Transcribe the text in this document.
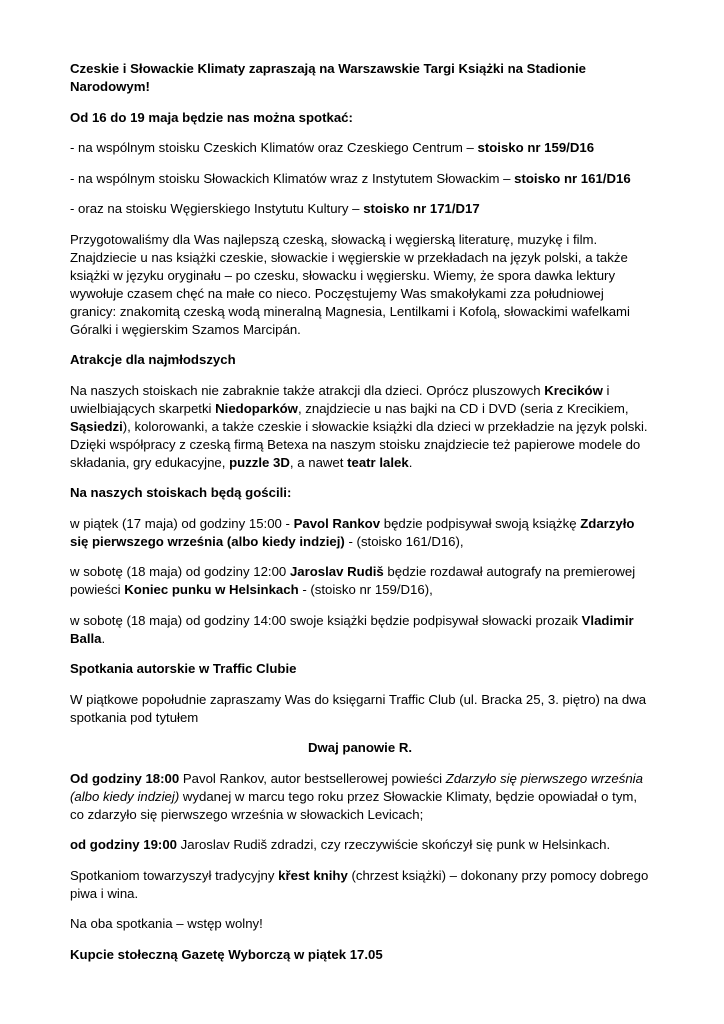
Czeskie i Słowackie Klimaty zapraszają na Warszawskie Targi Książki na Stadionie Narodowym!

Od 16 do 19 maja będzie nas można spotkać:

- na wspólnym stoisku Czeskich Klimatów oraz Czeskiego Centrum – stoisko nr 159/D16

- na wspólnym stoisku Słowackich Klimatów wraz z Instytutem Słowackim – stoisko nr 161/D16

- oraz na stoisku Węgierskiego Instytutu Kultury – stoisko nr 171/D17

Przygotowaliśmy dla Was najlepszą czeską, słowacką i węgierską literaturę, muzykę i film. Znajdziecie u nas książki czeskie, słowackie i węgierskie w przekładach na język polski, a także książki w języku oryginału – po czesku, słowacku i węgiersku. Wiemy, że spora dawka lektury wywołuje czasem chęć na małe co nieco. Poczęstujemy Was smakołykami zza południowej granicy: znakomitą czeską wodą mineralną Magnesia, Lentilkami i Kofolą, słowackimi wafelkami Góralki i węgierskim Szamos Marcipán.

Atrakcje dla najmłodszych

Na naszych stoiskach nie zabraknie także atrakcji dla dzieci. Oprócz pluszowych Krecików i uwielbiających skarpetki Niedoparków, znajdziecie u nas bajki na CD i DVD (seria z Krecikiem, Sąsiedzi), kolorowanki, a także czeskie i słowackie książki dla dzieci w przekładzie na język polski. Dzięki współpracy z czeską firmą Betexa na naszym stoisku znajdziecie też papierowe modele do składania, gry edukacyjne, puzzle 3D, a nawet teatr lalek.

Na naszych stoiskach będą gościli:

w piątek (17 maja) od godziny 15:00 - Pavol Rankov będzie podpisywał swoją książkę Zdarzyło się pierwszego września (albo kiedy indziej) - (stoisko 161/D16),

w sobotę (18 maja) od godziny 12:00 Jaroslav Rudiš będzie rozdawał autografy na premierowej powieści Koniec punku w Helsinkach - (stoisko nr 159/D16),

w sobotę (18 maja) od godziny 14:00 swoje książki będzie podpisywał słowacki prozaik Vladimir Balla.

Spotkania autorskie w Traffic Clubie

W piątkowe popołudnie zapraszamy Was do księgarni Traffic Club (ul. Bracka 25, 3. piętro) na dwa spotkania pod tytułem

Dwaj panowie R.

Od godziny 18:00 Pavol Rankov, autor bestsellerowej powieści Zdarzyło się pierwszego września (albo kiedy indziej) wydanej w marcu tego roku przez Słowackie Klimaty, będzie opowiadał o tym, co zdarzyło się pierwszego września w słowackich Levicach;

od godziny 19:00 Jaroslav Rudiš zdradzi, czy rzeczywiście skończył się punk w Helsinkach.

Spotkaniom towarzyszył tradycyjny křest knihy (chrzest książki) – dokonany przy pomocy dobrego piwa i wina.

Na oba spotkania – wstęp wolny!

Kupcie stołeczną Gazetę Wyborczą w piątek 17.05
